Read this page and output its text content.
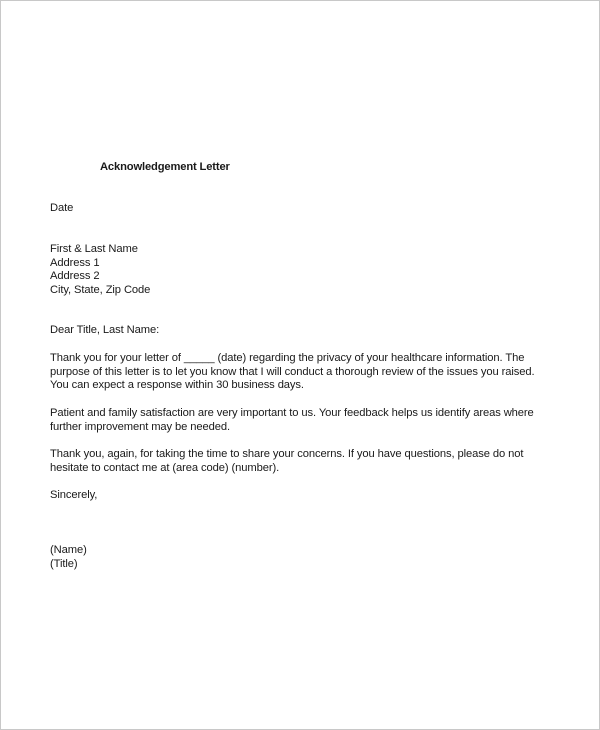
Acknowledgement Letter
Date
First & Last Name
Address 1
Address 2
City, State, Zip Code
Dear Title, Last Name:
Thank you for your letter of _____ (date) regarding the privacy of your healthcare information. The purpose of this letter is to let you know that I will conduct a thorough review of the issues you raised. You can expect a response within 30 business days.
Patient and family satisfaction are very important to us. Your feedback helps us identify areas where further improvement may be needed.
Thank you, again, for taking the time to share your concerns. If you have questions, please do not hesitate to contact me at (area code) (number).
Sincerely,
(Name)
(Title)
